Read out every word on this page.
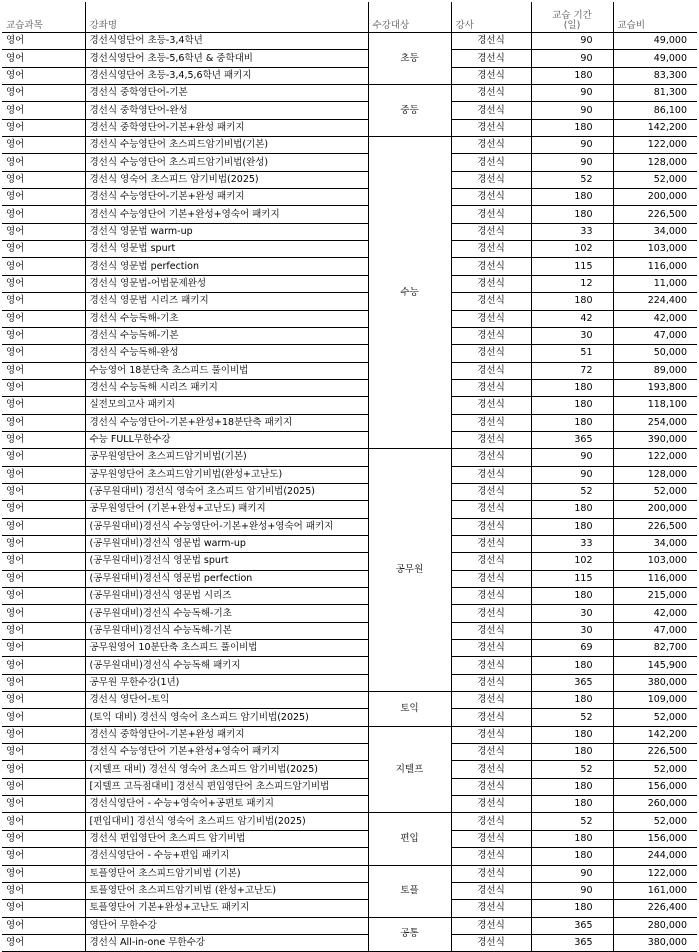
교습과목	강좌명	수강대상	강사	교습 기간
(일)	교습비
영어	경선식영단어 초등-3,4학년	초등	경선식	90	49,000
영어	경선식영단어 초등-5,6학년 & 중학대비		경선식	90	49,000
영어	경선식영단어 초등-3,4,5,6학년 패키지		경선식	180	83,300
영어	경선식 중학영단어-기본	중등	경선식	90	81,300
영어	경선식 중학영단어-완성		경선식	90	86,100
영어	경선식 중학영단어-기본+완성 패키지		경선식	180	142,200
영어	경선식 수능영단어 초스피드암기비법(기본)	수능	경선식	90	122,000
영어	경선식 수능영단어 초스피드암기비법(완성)		경선식	90	128,000
영어	경선식 영숙어 초스피드 암기비법(2025)		경선식	52	52,000
영어	경선식 수능영단어-기본+완성 패키지		경선식	180	200,000
영어	경선식 수능영단어 기본+완성+영숙어 패키지		경선식	180	226,500
영어	경선식 영문법 warm-up		경선식	33	34,000
영어	경선식 영문법 spurt		경선식	102	103,000
영어	경선식 영문법 perfection		경선식	115	116,000
영어	경선식 영문법-어법문제완성		경선식	12	11,000
영어	경선식 영문법 시리즈 패키지		경선식	180	224,400
영어	경선식 수능독해-기초		경선식	42	42,000
영어	경선식 수능독해-기본		경선식	30	47,000
영어	경선식 수능독해-완성		경선식	51	50,000
영어	수능영어 18분단축 초스피드 풀이비법		경선식	72	89,000
영어	경선식 수능독해 시리즈 패키지		경선식	180	193,800
영어	실전모의고사 패키지		경선식	180	118,100
영어	경선식 수능영단어-기본+완성+18분단축 패키지		경선식	180	254,000
영어	수능 FULL무한수강		경선식	365	390,000
영어	공무원영단어 초스피드암기비법(기본)	공무원	경선식	90	122,000
영어	공무원영단어 초스피드암기비법(완성+고난도)		경선식	90	128,000
영어	(공무원대비) 경선식 영숙어 초스피드 암기비법(2025)		경선식	52	52,000
영어	공무원영단어 (기본+완성+고난도) 패키지		경선식	180	200,000
영어	(공무원대비)경선식 수능영단어-기본+완성+영숙어 패키지		경선식	180	226,500
영어	(공무원대비)경선식 영문법 warm-up		경선식	33	34,000
영어	(공무원대비)경선식 영문법 spurt		경선식	102	103,000
영어	(공무원대비)경선식 영문법 perfection		경선식	115	116,000
영어	(공무원대비)경선식 영문법 시리즈		경선식	180	215,000
영어	(공무원대비)경선식 수능독해-기초		경선식	30	42,000
영어	(공무원대비)경선식 수능독해-기본		경선식	30	47,000
영어	공무원영어 10분단축 초스피드 풀이비법		경선식	69	82,700
영어	(공무원대비)경선식 수능독해 패키지		경선식	180	145,900
영어	공무원 무한수강(1년)		경선식	365	380,000
영어	경선식 영단어-토익	토익	경선식	180	109,000
영어	(토익 대비) 경선식 영숙어 초스피드 암기비법(2025)		경선식	52	52,000
영어	경선식 중학영단어-기본+완성 패키지	지텔프	경선식	180	142,200
영어	경선식 수능영단어 기본+완성+영숙어 패키지		경선식	180	226,500
영어	(지텔프 대비) 경선식 영숙어 초스피드 암기비법(2025)		경선식	52	52,000
영어	[지텔프 고득점대비] 경선식 편입영단어 초스피드암기비법		경선식	180	156,000
영어	경선식영단어 - 수능+영숙어+공편토 패키지		경선식	180	260,000
영어	[편입대비] 경선식 영숙어 초스피드 암기비법(2025)	편입	경선식	52	52,000
영어	경선식 편입영단어 초스피드 암기비법		경선식	180	156,000
영어	경선식영단어 - 수능+편입 패키지		경선식	180	244,000
영어	토플영단어 초스피드암기비법 (기본)	토플	경선식	90	122,000
영어	토플영단어 초스피드암기비법 (완성+고난도)		경선식	90	161,000
영어	토플영단어 기본+완성+고난도 패키지		경선식	180	226,400
영어	영단어 무한수강	공통	경선식	365	280,000
영어	경선식 All-in-one 무한수강		경선식	365	380,000
